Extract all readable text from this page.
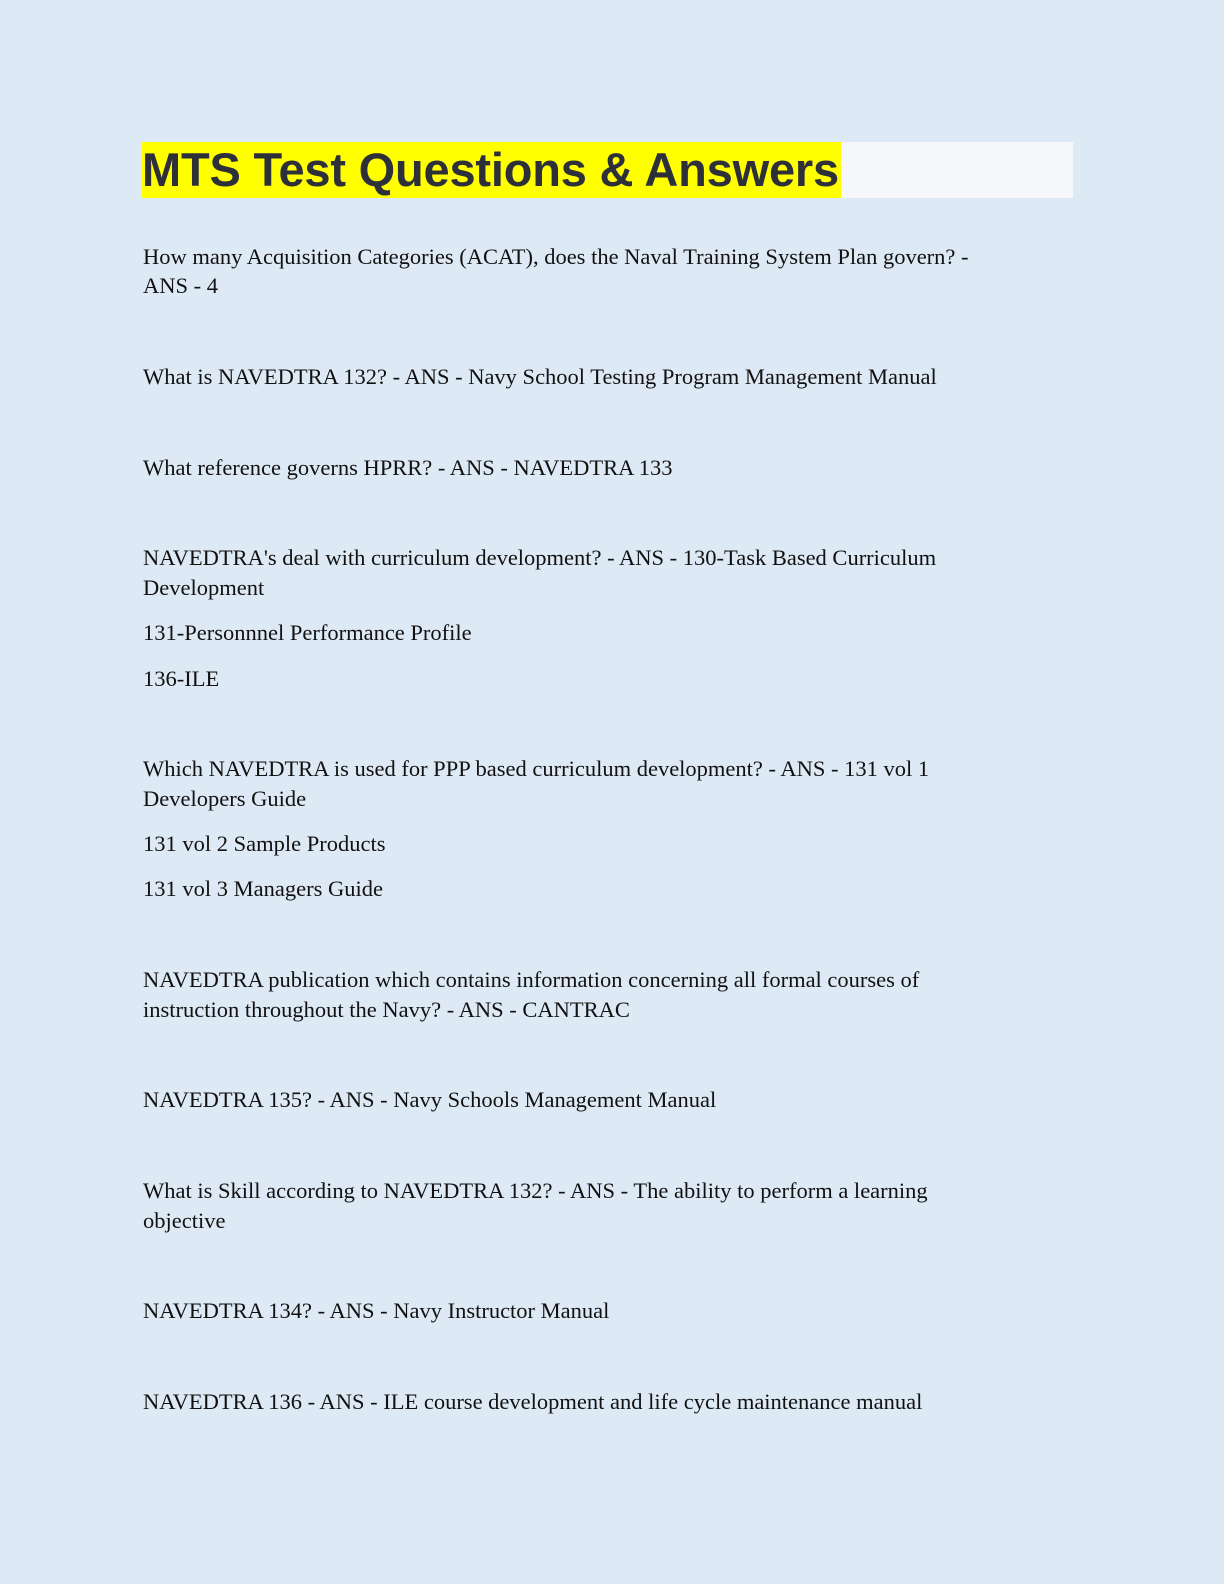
MTS Test Questions & Answers
How many Acquisition Categories (ACAT), does the Naval Training System Plan govern? -
ANS - 4
What is NAVEDTRA 132? - ANS - Navy School Testing Program Management Manual
What reference governs HPRR? - ANS - NAVEDTRA 133
NAVEDTRA's deal with curriculum development? - ANS - 130-Task Based Curriculum
Development
131-Personnnel Performance Profile
136-ILE
Which NAVEDTRA is used for PPP based curriculum development? - ANS - 131 vol 1
Developers Guide
131 vol 2 Sample Products
131 vol 3 Managers Guide
NAVEDTRA publication which contains information concerning all formal courses of
instruction throughout the Navy? - ANS - CANTRAC
NAVEDTRA 135? - ANS - Navy Schools Management Manual
What is Skill according to NAVEDTRA 132? - ANS - The ability to perform a learning
objective
NAVEDTRA 134? - ANS - Navy Instructor Manual
NAVEDTRA 136 - ANS - ILE course development and life cycle maintenance manual
